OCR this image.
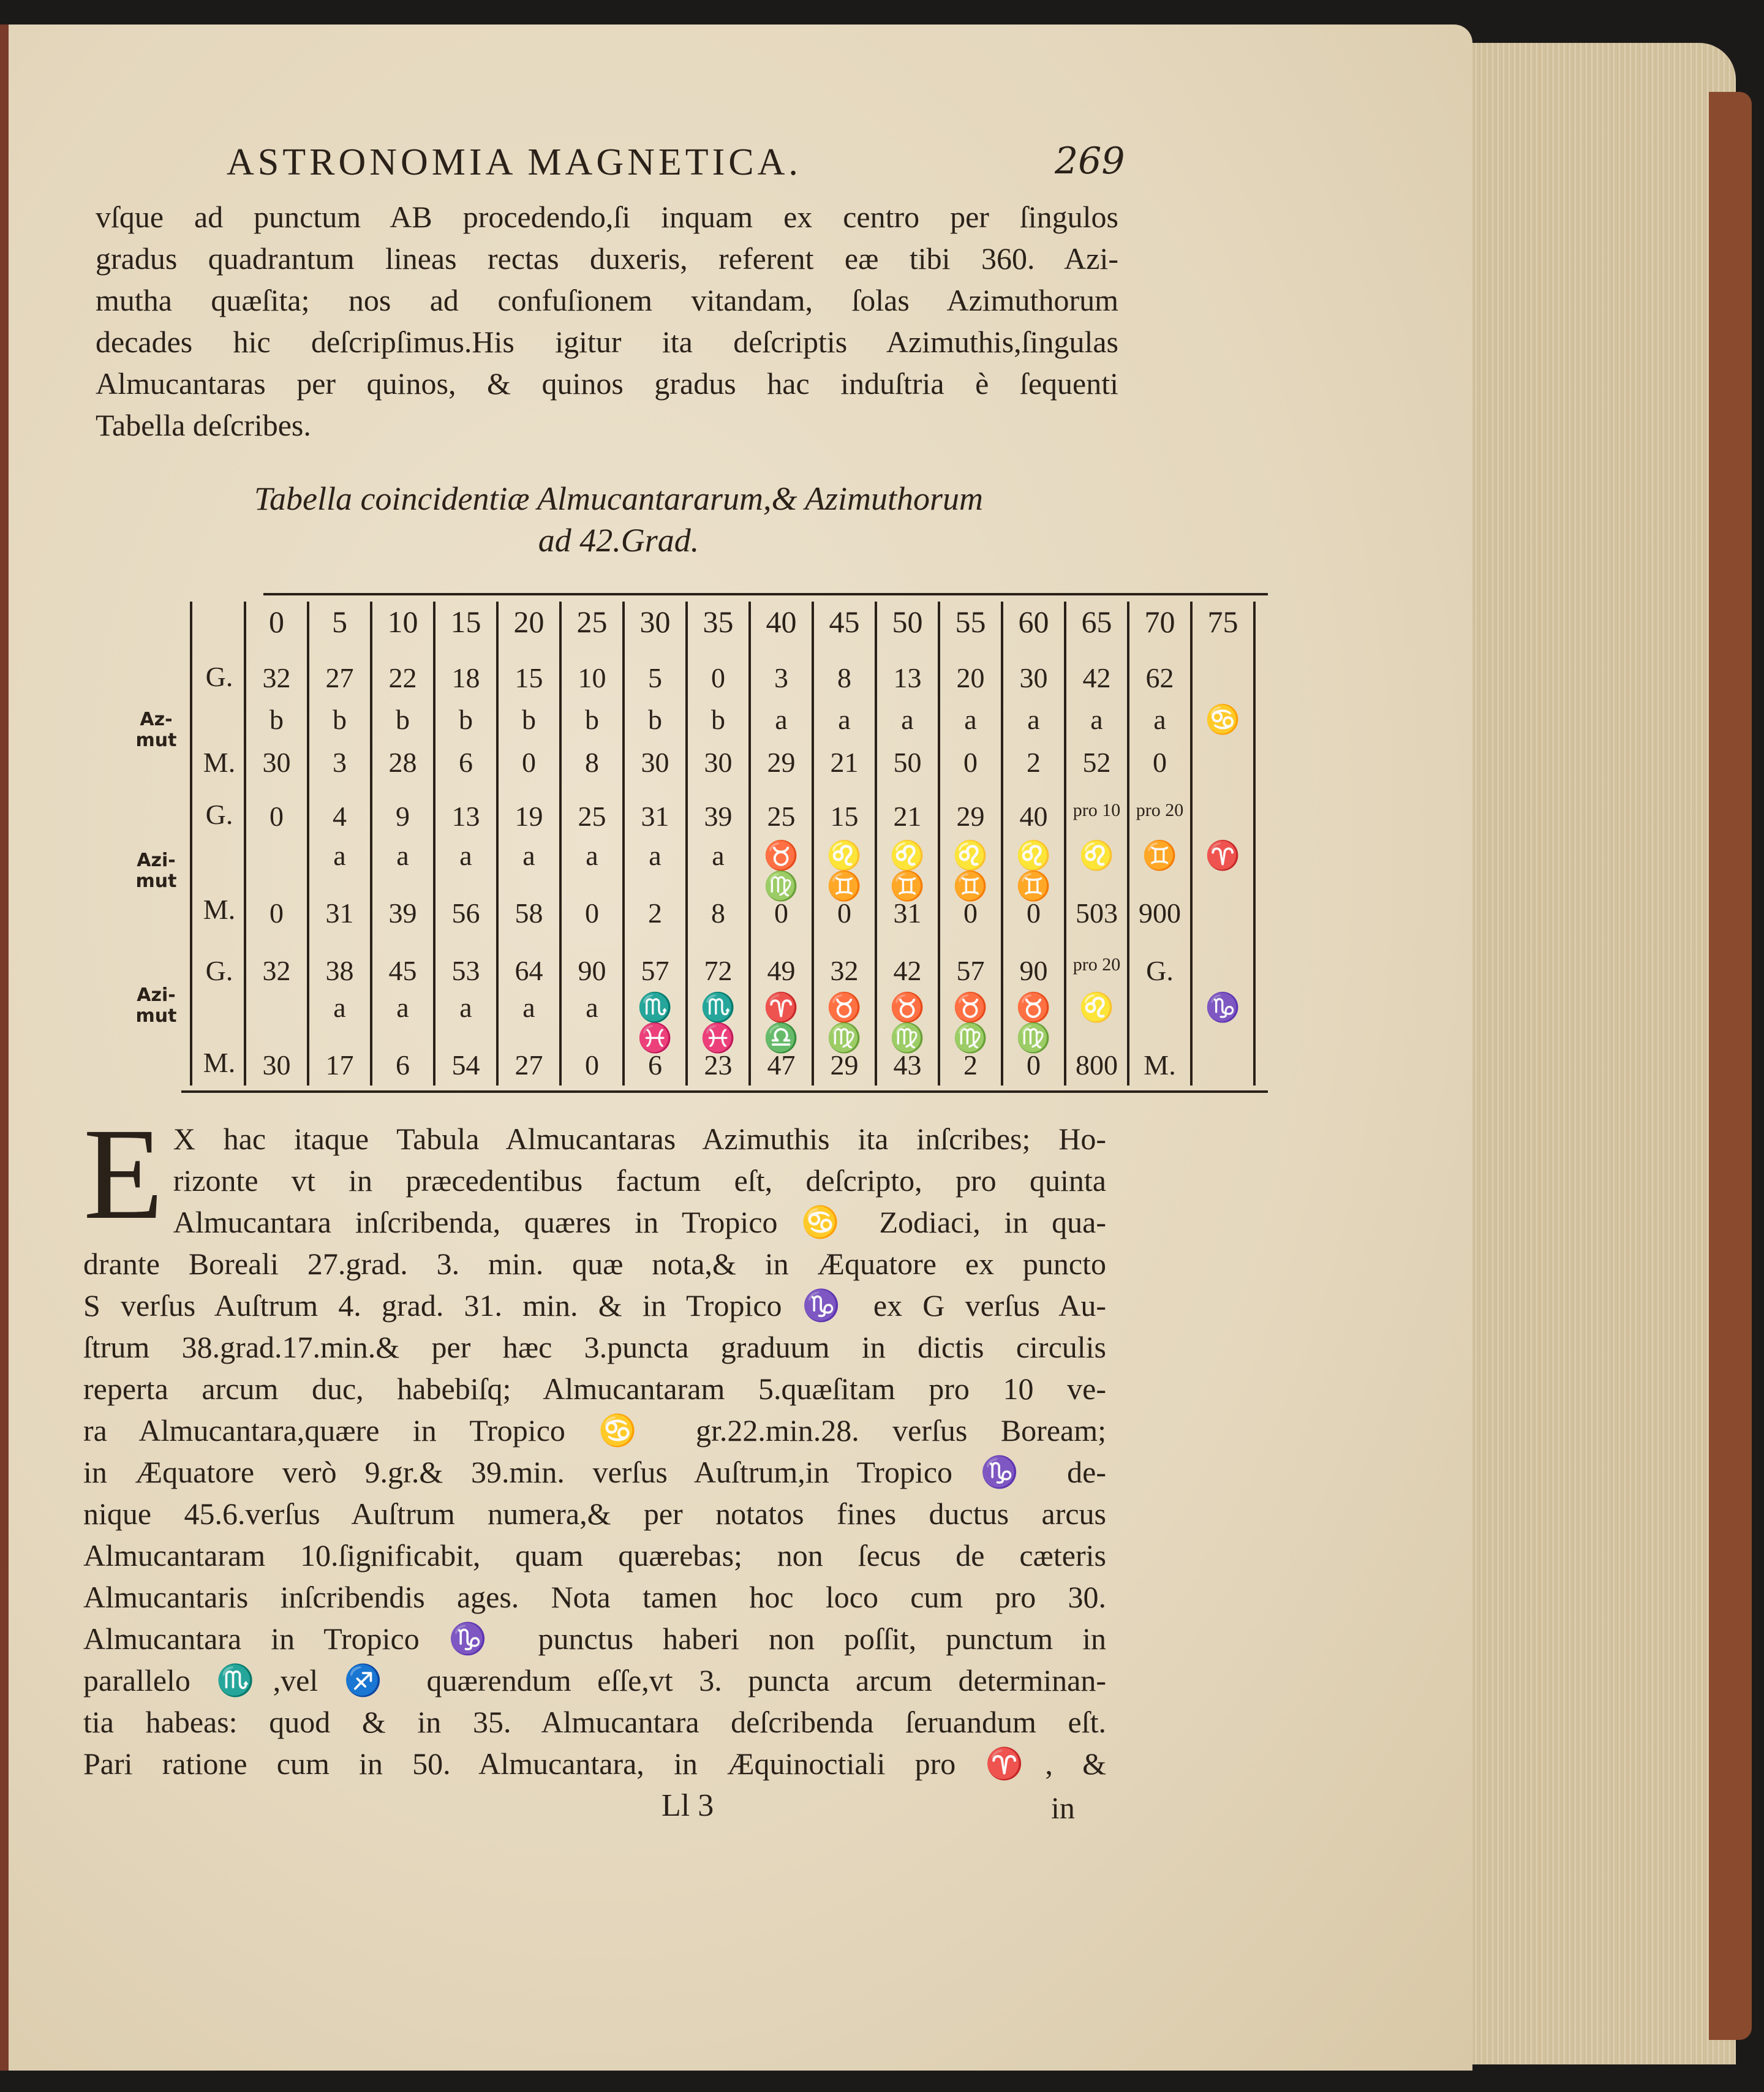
ASTRONOMIA MAGNETICA.	269
vſque ad punctum AB procedendo,ſi inquam ex centro per ſingulos
gradus quadrantum lineas rectas duxeris, referent eæ tibi 360. Azi-
mutha quæſita; nos ad confuſionem vitandam, ſolas Azimuthorum
decades hic deſcripſimus.His igitur ita deſcriptis Azimuthis,ſingulas
Almucantaras per quinos, & quinos gradus hac induſtria è ſequenti
Tabella deſcribes.
Tabella coincidentiæ Almucantararum,& Azimuthorum
ad 42.Grad.
Az-mut
Azi-mut
Azi-mut
G.
M.
G.
M.
G.
M.
0
32
b
30
0
0
32
30
5
27
b
3
4
a
31
38
a
17
10
22
b
28
9
a
39
45
a
6
15
18
b
6
13
a
56
53
a
54
20
15
b
0
19
a
58
64
a
27
25
10
b
8
25
a
0
90
a
0
30
5
b
30
31
a
2
57
♏
♓
6
35
0
b
30
39
a
8
72
♏
♓
23
40
3
a
29
25
♉
♍
0
49
♈
♎
47
45
8
a
21
15
♌
♊
0
32
♉
♍
29
50
13
a
50
21
♌
♊
31
42
♉
♍
43
55
20
a
0
29
♌
♊
0
57
♉
♍
2
60
30
a
2
40
♌
♊
0
90
♉
♍
0
65
42
a
52
pro 10
♌
503
pro 20
♌
800
70
62
a
0
pro 20
♊
900
G.
M.
75
♋
♈
♑
E X hac itaque Tabula Almucantaras Azimuthis ita inſcribes; Ho-
rizonte vt in præcedentibus factum eſt, deſcripto, pro quinta
Almucantara inſcribenda, quæres in Tropico ♋ Zodiaci, in qua-
drante Boreali 27.grad. 3. min. quæ nota,& in Æquatore ex puncto
S verſus Auſtrum 4. grad. 31. min. & in Tropico ♑ ex G verſus Au-
ſtrum 38.grad.17.min.& per hæc 3.puncta graduum in dictis circulis
reperta arcum duc, habebiſq; Almucantaram 5.quæſitam pro 10 ve-
ra Almucantara,quære in Tropico ♋ gr.22.min.28. verſus Boream;
in Æquatore verò 9.gr.& 39.min. verſus Auſtrum,in Tropico ♑ de-
nique 45.6.verſus Auſtrum numera,& per notatos fines ductus arcus
Almucantaram 10.ſignificabit, quam quærebas; non ſecus de cæteris
Almucantaris inſcribendis ages. Nota tamen hoc loco cum pro 30.
Almucantara in Tropico ♑ punctus haberi non poſſit, punctum in
parallelo ♏,vel ♐ quærendum eſſe,vt 3. puncta arcum determinan-
tia habeas: quod & in 35. Almucantara deſcribenda ſeruandum eſt.
Pari ratione cum in 50. Almucantara, in Æquinoctiali pro ♈, &
Ll 3	in
